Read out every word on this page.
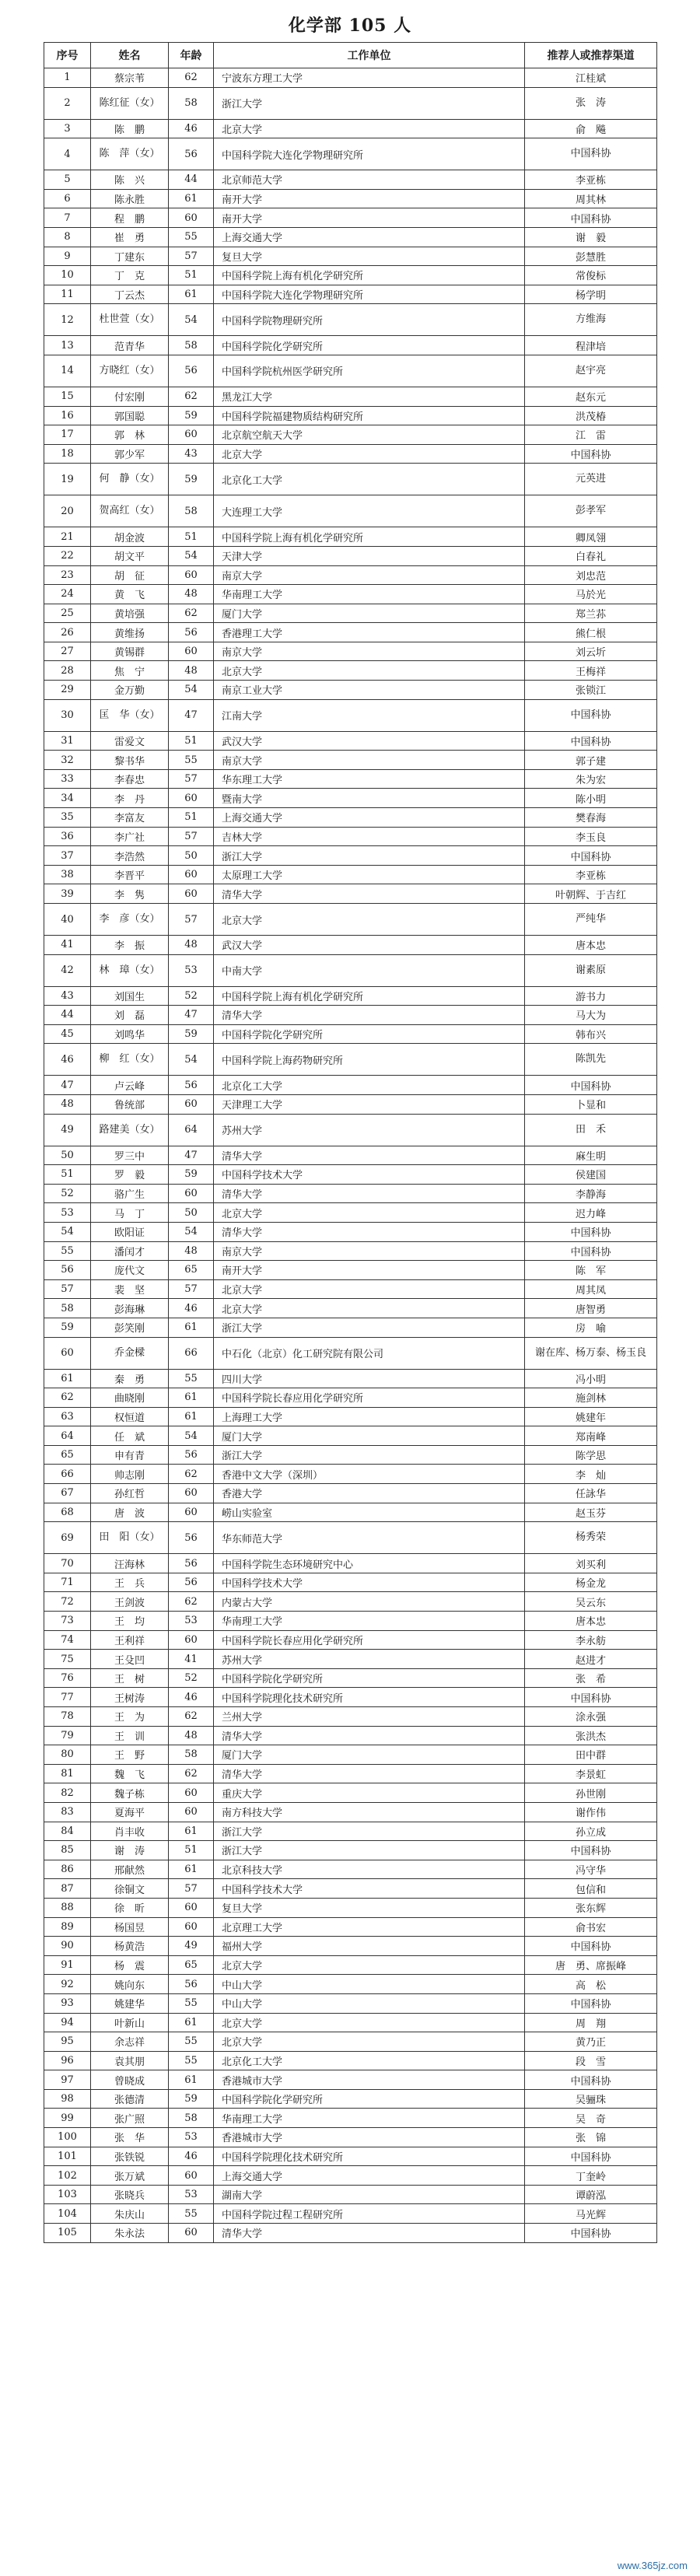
化学部 105 人
序号	姓名	年龄	工作单位	推荐人或推荐渠道
1	蔡宗苇	62	宁波东方理工大学	江桂斌
2	陈红征（女）	58	浙江大学	张　涛
3	陈　鹏	46	北京大学	俞　飚
4	陈　萍（女）	56	中国科学院大连化学物理研究所	中国科协
5	陈　兴	44	北京师范大学	李亚栋
6	陈永胜	61	南开大学	周其林
7	程　鹏	60	南开大学	中国科协
8	崔　勇	55	上海交通大学	谢　毅
9	丁建东	57	复旦大学	彭慧胜
10	丁　克	51	中国科学院上海有机化学研究所	常俊标
11	丁云杰	61	中国科学院大连化学物理研究所	杨学明
12	杜世萱（女）	54	中国科学院物理研究所	方维海
13	范青华	58	中国科学院化学研究所	程津培
14	方晓红（女）	56	中国科学院杭州医学研究所	赵宇亮
15	付宏刚	62	黑龙江大学	赵东元
16	郭国聪	59	中国科学院福建物质结构研究所	洪茂椿
17	郭　林	60	北京航空航天大学	江　雷
18	郭少军	43	北京大学	中国科协
19	何　静（女）	59	北京化工大学	元英进
20	贺高红（女）	58	大连理工大学	彭孝军
21	胡金波	51	中国科学院上海有机化学研究所	卿凤翎
22	胡文平	54	天津大学	白春礼
23	胡　征	60	南京大学	刘忠范
24	黄　飞	48	华南理工大学	马於光
25	黄培强	62	厦门大学	郑兰荪
26	黄维扬	56	香港理工大学	熊仁根
27	黄锡群	60	南京大学	刘云圻
28	焦　宁	48	北京大学	王梅祥
29	金万勤	54	南京工业大学	张锁江
30	匡　华（女）	47	江南大学	中国科协
31	雷爱文	51	武汉大学	中国科协
32	黎书华	55	南京大学	郭子建
33	李春忠	57	华东理工大学	朱为宏
34	李　丹	60	暨南大学	陈小明
35	李富友	51	上海交通大学	樊春海
36	李广社	57	吉林大学	李玉良
37	李浩然	50	浙江大学	中国科协
38	李晋平	60	太原理工大学	李亚栋
39	李　隽	60	清华大学	叶朝辉、于吉红
40	李　彦（女）	57	北京大学	严纯华
41	李　振	48	武汉大学	唐本忠
42	林　璋（女）	53	中南大学	谢素原
43	刘国生	52	中国科学院上海有机化学研究所	游书力
44	刘　磊	47	清华大学	马大为
45	刘鸣华	59	中国科学院化学研究所	韩布兴
46	柳　红（女）	54	中国科学院上海药物研究所	陈凯先
47	卢云峰	56	北京化工大学	中国科协
48	鲁统部	60	天津理工大学	卜显和
49	路建美（女）	64	苏州大学	田　禾
50	罗三中	47	清华大学	麻生明
51	罗　毅	59	中国科学技术大学	侯建国
52	骆广生	60	清华大学	李静海
53	马　丁	50	北京大学	迟力峰
54	欧阳证	54	清华大学	中国科协
55	潘闰才	48	南京大学	中国科协
56	庞代文	65	南开大学	陈　军
57	裴　坚	57	北京大学	周其凤
58	彭海琳	46	北京大学	唐智勇
59	彭笑刚	61	浙江大学	房　喻
60	乔金樑	66	中石化（北京）化工研究院有限公司	谢在库、杨万泰、杨玉良
61	秦　勇	55	四川大学	冯小明
62	曲晓刚	61	中国科学院长春应用化学研究所	施剑林
63	权恒道	61	上海理工大学	姚建年
64	任　斌	54	厦门大学	郑南峰
65	申有青	56	浙江大学	陈学思
66	帅志刚	62	香港中文大学（深圳）	李　灿
67	孙红哲	60	香港大学	任詠华
68	唐　波	60	崂山实验室	赵玉芬
69	田　阳（女）	56	华东师范大学	杨秀荣
70	汪海林	56	中国科学院生态环境研究中心	刘买利
71	王　兵	56	中国科学技术大学	杨金龙
72	王剑波	62	内蒙古大学	吴云东
73	王　均	53	华南理工大学	唐本忠
74	王利祥	60	中国科学院长春应用化学研究所	李永舫
75	王殳凹	41	苏州大学	赵进才
76	王　树	52	中国科学院化学研究所	张　希
77	王树涛	46	中国科学院理化技术研究所	中国科协
78	王　为	62	兰州大学	涂永强
79	王　训	48	清华大学	张洪杰
80	王　野	58	厦门大学	田中群
81	魏　飞	62	清华大学	李景虹
82	魏子栋	60	重庆大学	孙世刚
83	夏海平	60	南方科技大学	谢作伟
84	肖丰收	61	浙江大学	孙立成
85	谢　涛	51	浙江大学	中国科协
86	邢献然	61	北京科技大学	冯守华
87	徐铜文	57	中国科学技术大学	包信和
88	徐　昕	60	复旦大学	张东辉
89	杨国昱	60	北京理工大学	俞书宏
90	杨黄浩	49	福州大学	中国科协
91	杨　震	65	北京大学	唐　勇、席振峰
92	姚向东	56	中山大学	高　松
93	姚建华	55	中山大学	中国科协
94	叶新山	61	北京大学	周　翔
95	余志祥	55	北京大学	黄乃正
96	袁其朋	55	北京化工大学	段　雪
97	曾晓成	61	香港城市大学	中国科协
98	张德清	59	中国科学院化学研究所	吴骊珠
99	张广照	58	华南理工大学	吴　奇
100	张　华	53	香港城市大学	张　锦
101	张铁锐	46	中国科学院理化技术研究所	中国科协
102	张万斌	60	上海交通大学	丁奎岭
103	张晓兵	53	湖南大学	谭蔚泓
104	朱庆山	55	中国科学院过程工程研究所	马光辉
105	朱永法	60	清华大学	中国科协
www.365jz.com
